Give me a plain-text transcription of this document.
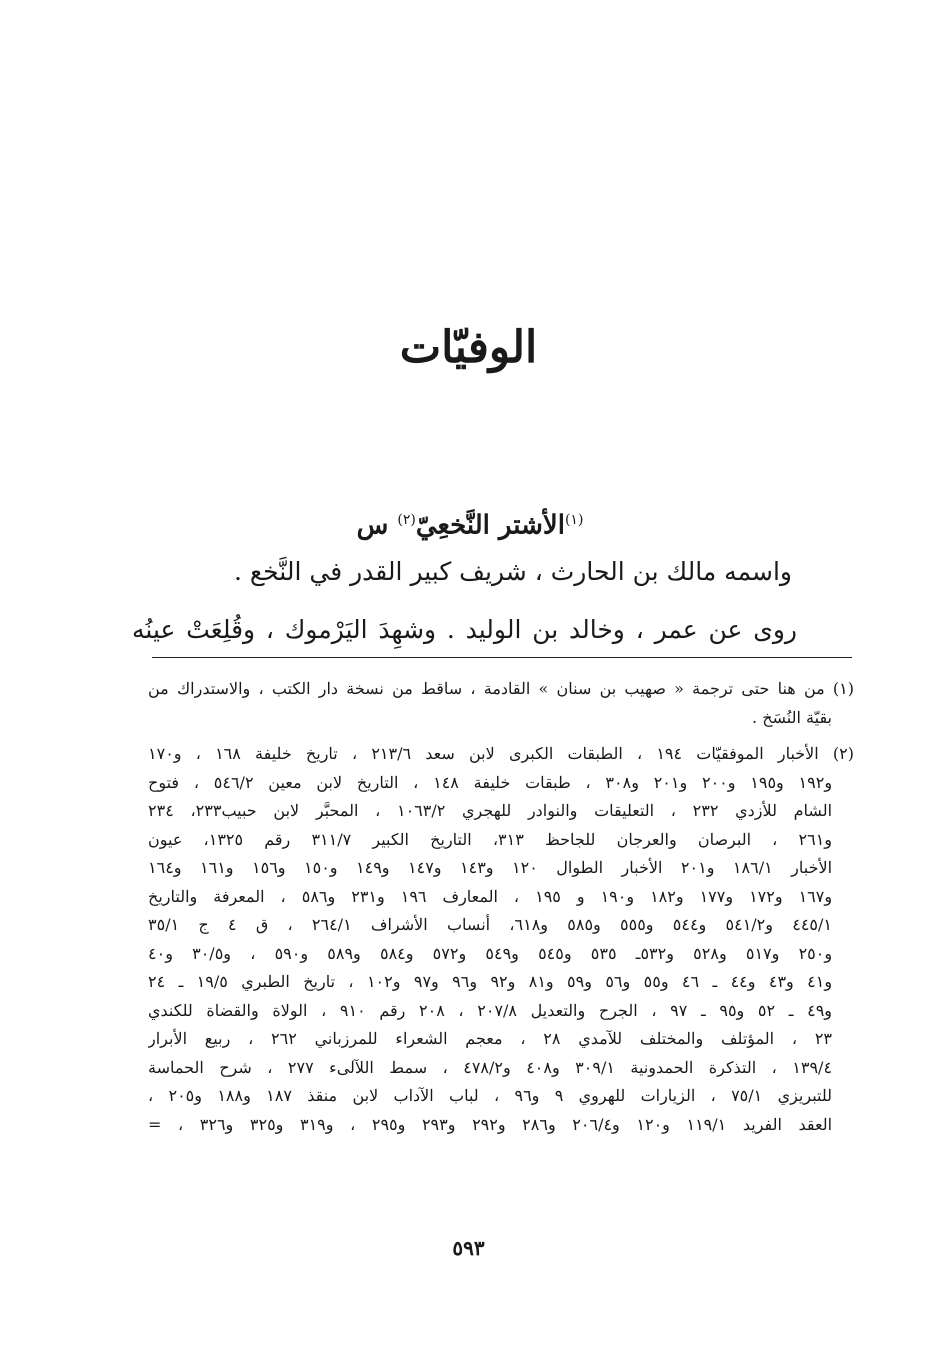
الوفيّات
$^{(١)}$الأشتر النَّخعِيّ$^{(٢)}$ س
واسمه مالك بن الحارث ، شريف كبير القدر في النَّخع .
روى عن عمر ، وخالد بن الوليد . وشهِدَ اليَرْموك ، وقُلِعَتْ عينُه
(١) من هنا حتى ترجمة « صهيب بن سنان » القادمة ، ساقط من نسخة دار الكتب ، والاستدراك من
بقيّة النُسَخ .
(٢) الأخبار الموفقيّات ١٩٤ ، الطبقات الكبرى لابن سعد ٢١٣/٦ ، تاريخ خليفة ١٦٨ ، و١٧٠
و١٩٢ و١٩٥ و٢٠٠ و٢٠١ و٣٠٨ ، طبقات خليفة ١٤٨ ، التاريخ لابن معين ٥٤٦/٢ ، فتوح
الشام للأزدي ٢٣٢ ، التعليقات والنوادر للهجري ١٠٦٣/٢ ، المحبَّر لابن حبيب٢٣٣، ٢٣٤
و٢٦١ ، البرصان والعرجان للجاحظ ٣١٣، التاريخ الكبير ٣١١/٧ رقم ١٣٢٥، عيون
الأخبار ١٨٦/١ و٢٠١ الأخبار الطوال ١٢٠ و١٤٣ و١٤٧ و١٤٩ و١٥٠ و١٥٦ و١٦١ و١٦٤
و١٦٧ و١٧٢ و١٧٧ و١٨٢ و١٩٠ و ١٩٥ ، المعارف ١٩٦ و٢٣١ و٥٨٦ ، المعرفة والتاريخ
٤٤٥/١ و٥٤١/٢ و٥٤٤ و٥٥٥ و٥٨٥ و٦١٨، أنساب الأشراف ٢٦٤/١ ، ق ٤ ج ٣٥/١
و٢٥٠ و٥١٧ و٥٢٨ و٥٣٢ـ ٥٣٥ و٥٤٥ و٥٤٩ و٥٧٢ و٥٨٤ و٥٨٩ و٥٩٠ ، و٣٠/٥ و٤٠
و٤١ و٤٣ و٤٤ ـ ٤٦ و٥٥ و٥٦ و٥٩ و٨١ و٩٢ و٩٦ و٩٧ و١٠٢ ، تاريخ الطبري ١٩/٥ ـ ٢٤
و٤٩ ـ ٥٢ و٩٥ ـ ٩٧ ، الجرح والتعديل ٢٠٧/٨ ، ٢٠٨ رقم ٩١٠ ، الولاة والقضاة للكندي
٢٣ ، المؤتلف والمختلف للآمدي ٢٨ ، معجم الشعراء للمرزباني ٢٦٢ ، ربيع الأبرار
١٣٩/٤ ، التذكرة الحمدونية ٣٠٩/١ و٤٠٨ و٤٧٨/٢ ، سمط اللآلىء ٢٧٧ ، شرح الحماسة
للتبريزي ٧٥/١ ، الزيارات للهروي ٩ و٩٦ ، لباب الآداب لابن منقذ ١٨٧ و١٨٨ و٢٠٥ ،
العقد الفريد ١١٩/١ و١٢٠ و٢٠٦/٤ و٢٨٦ و٢٩٢ و٢٩٣ و٢٩٥ ، و٣١٩ و٣٢٥ و٣٢٦ ، =
٥٩٣
